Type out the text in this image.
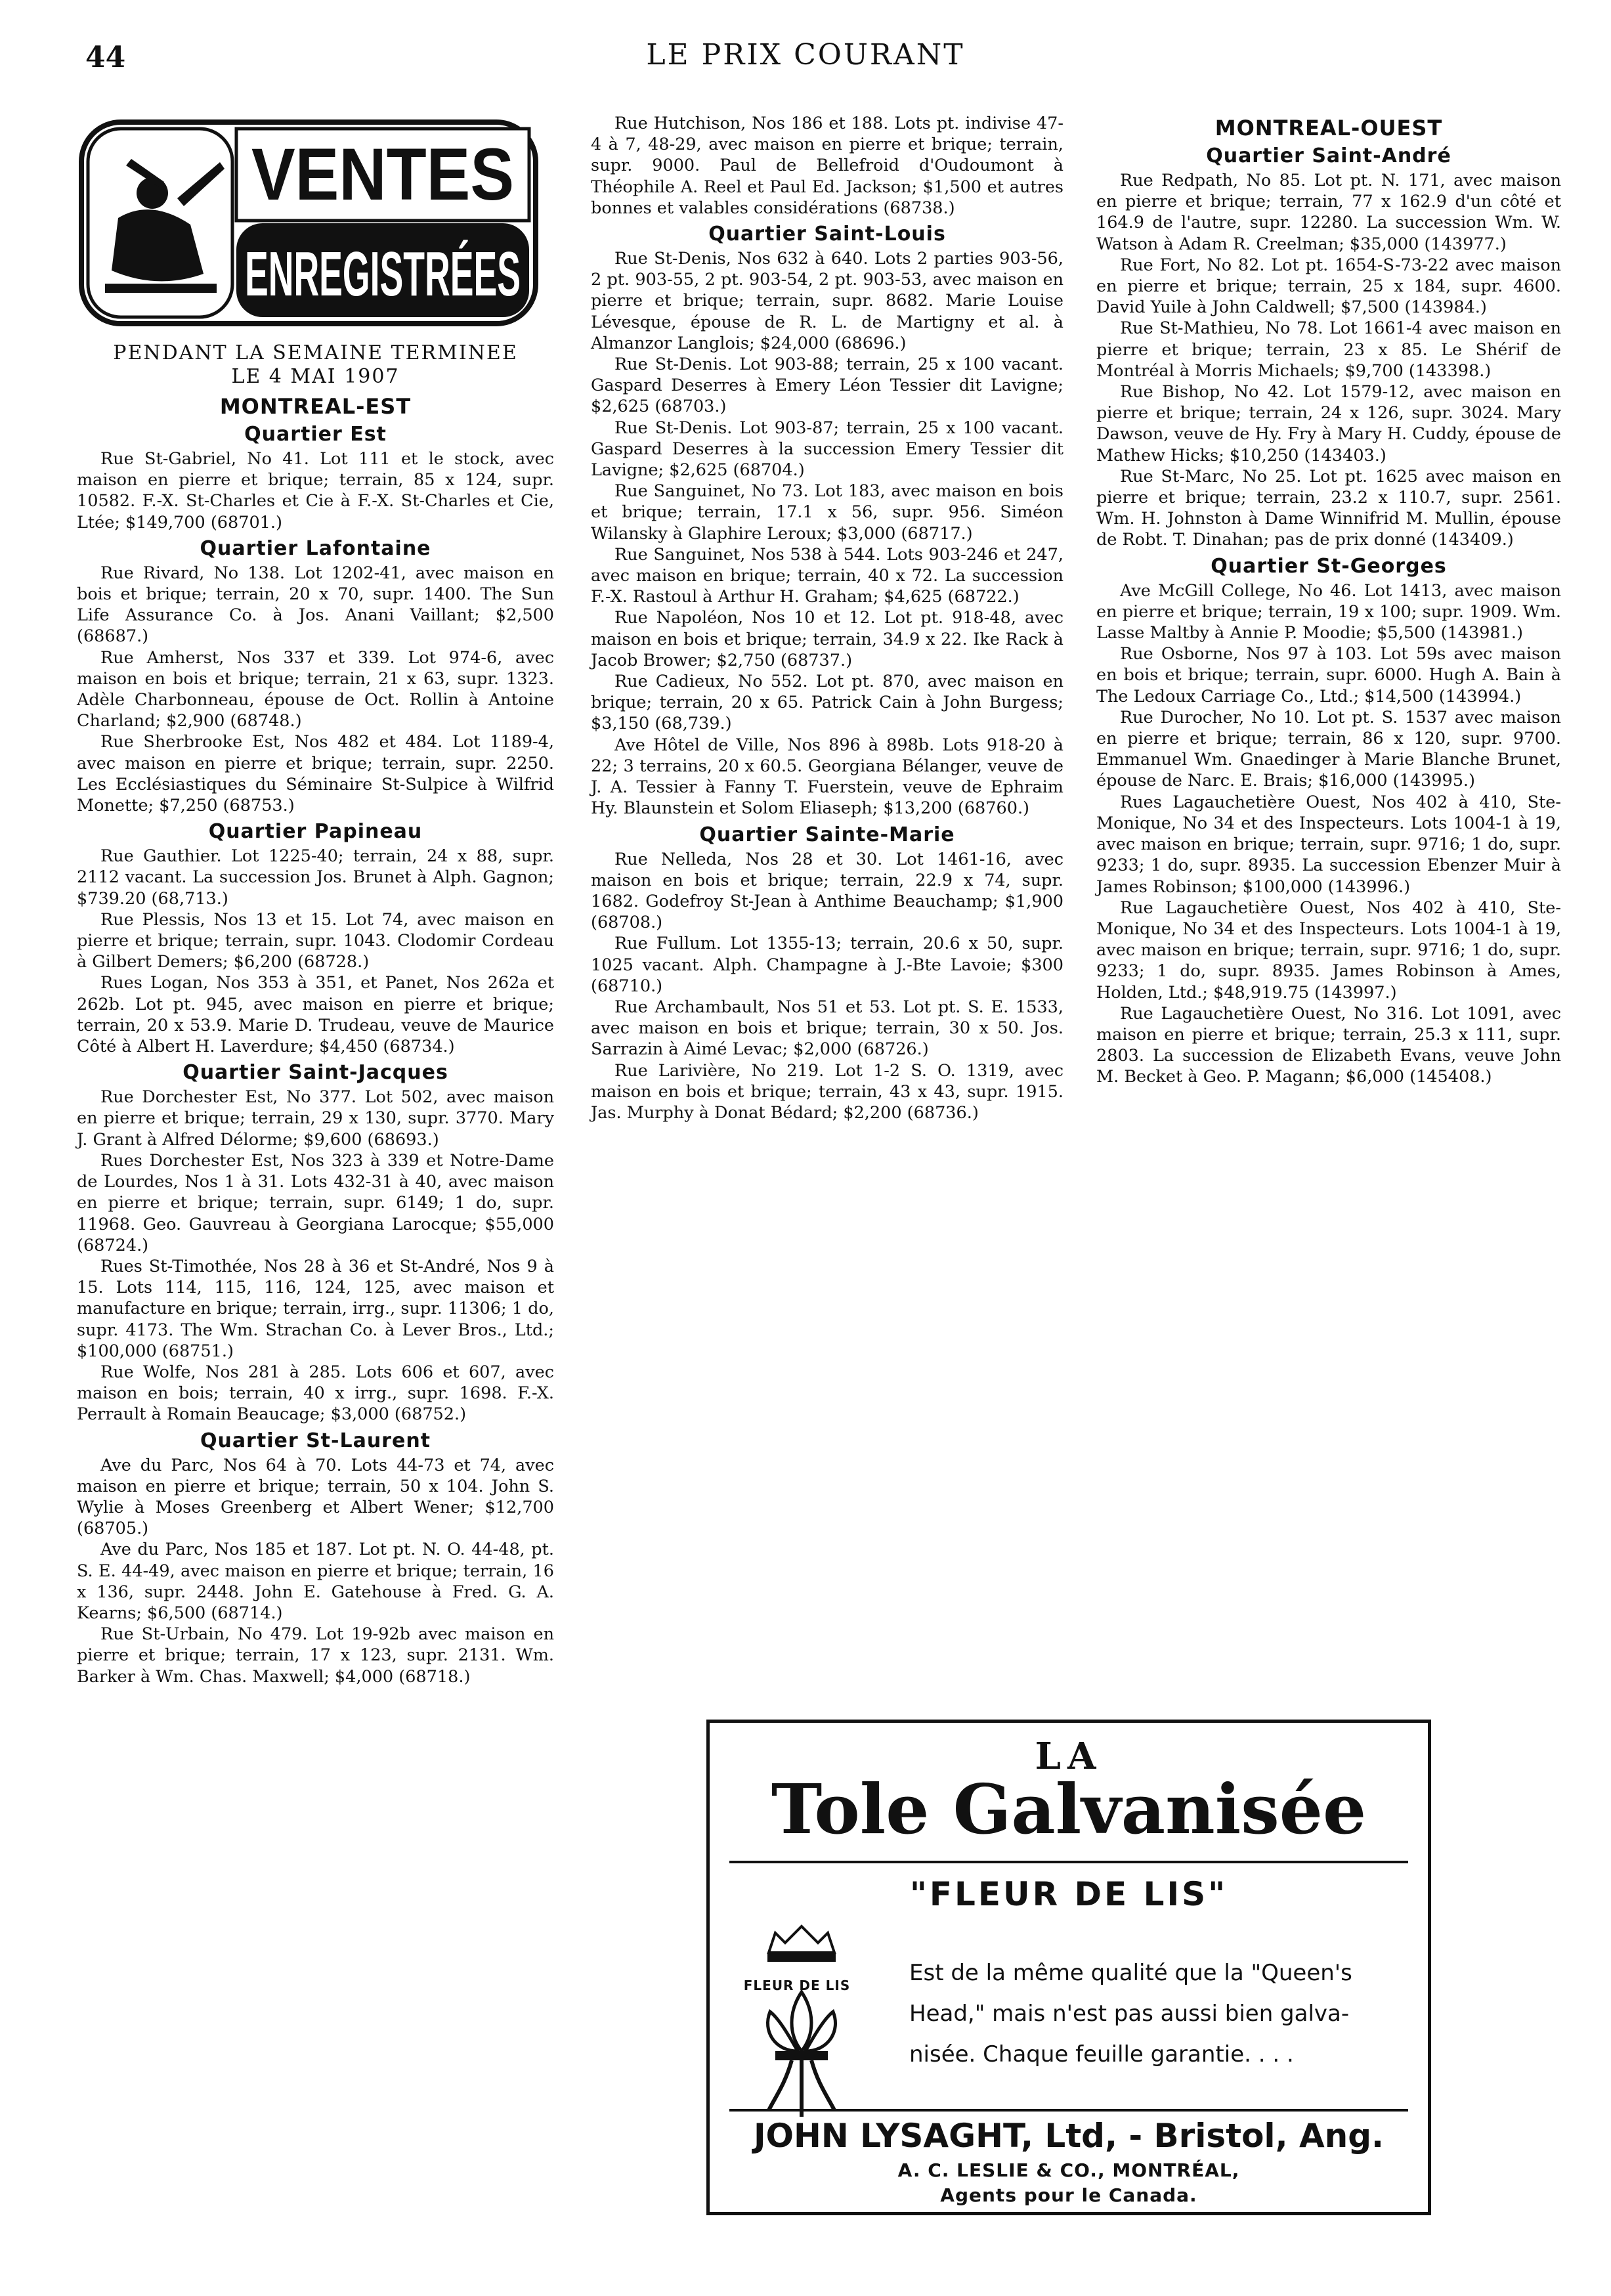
44	LE PRIX COURANT
VENTES
ENREGISTRÉES
PENDANT LA SEMAINE TERMINEE
LE 4 MAI 1907
MONTREAL-EST
Quartier Est

Rue St-Gabriel, No 41. Lot 111 et le stock, avec maison en pierre et brique; terrain, 85 x 124, supr. 10582. F.-X. St-Charles et Cie à F.-X. St-Charles et Cie, Ltée; $149,700 (68701.)

Quartier Lafontaine

Rue Rivard, No 138. Lot 1202-41, avec maison en bois et brique; terrain, 20 x 70, supr. 1400. The Sun Life Assurance Co. à Jos. Anani Vaillant; $2,500 (68687.)

Rue Amherst, Nos 337 et 339. Lot 974-6, avec maison en bois et brique; terrain, 21 x 63, supr. 1323. Adèle Charbonneau, épouse de Oct. Rollin à Antoine Charland; $2,900 (68748.)

Rue Sherbrooke Est, Nos 482 et 484. Lot 1189-4, avec maison en pierre et brique; terrain, supr. 2250. Les Ecclésiastiques du Séminaire St-Sulpice à Wilfrid Monette; $7,250 (68753.)

Quartier Papineau

Rue Gauthier. Lot 1225-40; terrain, 24 x 88, supr. 2112 vacant. La succession Jos. Brunet à Alph. Gagnon; $739.20 (68,713.)

Rue Plessis, Nos 13 et 15. Lot 74, avec maison en pierre et brique; terrain, supr. 1043. Clodomir Cordeau à Gilbert Demers; $6,200 (68728.)

Rues Logan, Nos 353 à 351, et Panet, Nos 262a et 262b. Lot pt. 945, avec maison en pierre et brique; terrain, 20 x 53.9. Marie D. Trudeau, veuve de Maurice Côté à Albert H. Laverdure; $4,450 (68734.)

Quartier Saint-Jacques

Rue Dorchester Est, No 377. Lot 502, avec maison en pierre et brique; terrain, 29 x 130, supr. 3770. Mary J. Grant à Alfred Délorme; $9,600 (68693.)

Rues Dorchester Est, Nos 323 à 339 et Notre-Dame de Lourdes, Nos 1 à 31. Lots 432-31 à 40, avec maison en pierre et brique; terrain, supr. 6149; 1 do, supr. 11968. Geo. Gauvreau à Georgiana Larocque; $55,000 (68724.)

Rues St-Timothée, Nos 28 à 36 et St-André, Nos 9 à 15. Lots 114, 115, 116, 124, 125, avec maison et manufacture en brique; terrain, irrg., supr. 11306; 1 do, supr. 4173. The Wm. Strachan Co. à Lever Bros., Ltd.; $100,000 (68751.)

Rue Wolfe, Nos 281 à 285. Lots 606 et 607, avec maison en bois; terrain, 40 x irrg., supr. 1698. F.-X. Perrault à Romain Beaucage; $3,000 (68752.)

Quartier St-Laurent

Ave du Parc, Nos 64 à 70. Lots 44-73 et 74, avec maison en pierre et brique; terrain, 50 x 104. John S. Wylie à Moses Greenberg et Albert Wener; $12,700 (68705.)

Ave du Parc, Nos 185 et 187. Lot pt. N. O. 44-48, pt. S. E. 44-49, avec maison en pierre et brique; terrain, 16 x 136, supr. 2448. John E. Gatehouse à Fred. G. A. Kearns; $6,500 (68714.)

Rue St-Urbain, No 479. Lot 19-92b avec maison en pierre et brique; terrain, 17 x 123, supr. 2131. Wm. Barker à Wm. Chas. Maxwell; $4,000 (68718.)

Rue Hutchison, Nos 186 et 188. Lots pt. indivise 47-4 à 7, 48-29, avec maison en pierre et brique; terrain, supr. 9000. Paul de Bellefroid d'Oudoumont à Théophile A. Reel et Paul Ed. Jackson; $1,500 et autres bonnes et valables considérations (68738.)

Quartier Saint-Louis

Rue St-Denis, Nos 632 à 640. Lots 2 parties 903-56, 2 pt. 903-55, 2 pt. 903-54, 2 pt. 903-53, avec maison en pierre et brique; terrain, supr. 8682. Marie Louise Lévesque, épouse de R. L. de Martigny et al. à Almanzor Langlois; $24,000 (68696.)

Rue St-Denis. Lot 903-88; terrain, 25 x 100 vacant. Gaspard Deserres à Emery Léon Tessier dit Lavigne; $2,625 (68703.)

Rue St-Denis. Lot 903-87; terrain, 25 x 100 vacant. Gaspard Deserres à la succession Emery Tessier dit Lavigne; $2,625 (68704.)

Rue Sanguinet, No 73. Lot 183, avec maison en bois et brique; terrain, 17.1 x 56, supr. 956. Siméon Wilansky à Glaphire Leroux; $3,000 (68717.)

Rue Sanguinet, Nos 538 à 544. Lots 903-246 et 247, avec maison en brique; terrain, 40 x 72. La succession F.-X. Rastoul à Arthur H. Graham; $4,625 (68722.)

Rue Napoléon, Nos 10 et 12. Lot pt. 918-48, avec maison en bois et brique; terrain, 34.9 x 22. Ike Rack à Jacob Brower; $2,750 (68737.)

Rue Cadieux, No 552. Lot pt. 870, avec maison en brique; terrain, 20 x 65. Patrick Cain à John Burgess; $3,150 (68,739.)

Ave Hôtel de Ville, Nos 896 à 898b. Lots 918-20 à 22; 3 terrains, 20 x 60.5. Georgiana Bélanger, veuve de J. A. Tessier à Fanny T. Fuerstein, veuve de Ephraim Hy. Blaunstein et Solom Eliaseph; $13,200 (68760.)

Quartier Sainte-Marie

Rue Nelleda, Nos 28 et 30. Lot 1461-16, avec maison en bois et brique; terrain, 22.9 x 74, supr. 1682. Godefroy St-Jean à Anthime Beauchamp; $1,900 (68708.)

Rue Fullum. Lot 1355-13; terrain, 20.6 x 50, supr. 1025 vacant. Alph. Champagne à J.-Bte Lavoie; $300 (68710.)

Rue Archambault, Nos 51 et 53. Lot pt. S. E. 1533, avec maison en bois et brique; terrain, 30 x 50. Jos. Sarrazin à Aimé Levac; $2,000 (68726.)

Rue Larivière, No 219. Lot 1-2 S. O. 1319, avec maison en bois et brique; terrain, 43 x 43, supr. 1915. Jas. Murphy à Donat Bédard; $2,200 (68736.)

MONTREAL-OUEST
Quartier Saint-André

Rue Redpath, No 85. Lot pt. N. 171, avec maison en pierre et brique; terrain, 77 x 162.9 d'un côté et 164.9 de l'autre, supr. 12280. La succession Wm. W. Watson à Adam R. Creelman; $35,000 (143977.)

Rue Fort, No 82. Lot pt. 1654-S-73-22 avec maison en pierre et brique; terrain, 25 x 184, supr. 4600. David Yuile à John Caldwell; $7,500 (143984.)

Rue St-Mathieu, No 78. Lot 1661-4 avec maison en pierre et brique; terrain, 23 x 85. Le Shérif de Montréal à Morris Michaels; $9,700 (143398.)

Rue Bishop, No 42. Lot 1579-12, avec maison en pierre et brique; terrain, 24 x 126, supr. 3024. Mary Dawson, veuve de Hy. Fry à Mary H. Cuddy, épouse de Mathew Hicks; $10,250 (143403.)

Rue St-Marc, No 25. Lot pt. 1625 avec maison en pierre et brique; terrain, 23.2 x 110.7, supr. 2561. Wm. H. Johnston à Dame Winnifrid M. Mullin, épouse de Robt. T. Dinahan; pas de prix donné (143409.)

Quartier St-Georges

Ave McGill College, No 46. Lot 1413, avec maison en pierre et brique; terrain, 19 x 100; supr. 1909. Wm. Lasse Maltby à Annie P. Moodie; $5,500 (143981.)

Rue Osborne, Nos 97 à 103. Lot 59s avec maison en bois et brique; terrain, supr. 6000. Hugh A. Bain à The Ledoux Carriage Co., Ltd.; $14,500 (143994.)

Rue Durocher, No 10. Lot pt. S. 1537 avec maison en pierre et brique; terrain, 86 x 120, supr. 9700. Emmanuel Wm. Gnaedinger à Marie Blanche Brunet, épouse de Narc. E. Brais; $16,000 (143995.)

Rues Lagauchetière Ouest, Nos 402 à 410, Ste-Monique, No 34 et des Inspecteurs. Lots 1004-1 à 19, avec maison en brique; terrain, supr. 9716; 1 do, supr. 9233; 1 do, supr. 8935. La succession Ebenzer Muir à James Robinson; $100,000 (143996.)

Rue Lagauchetière Ouest, Nos 402 à 410, Ste-Monique, No 34 et des Inspecteurs. Lots 1004-1 à 19, avec maison en brique; terrain, supr. 9716; 1 do, supr. 9233; 1 do, supr. 8935. James Robinson à Ames, Holden, Ltd.; $48,919.75 (143997.)

Rue Lagauchetière Ouest, No 316. Lot 1091, avec maison en pierre et brique; terrain, 25.3 x 111, supr. 2803. La succession de Elizabeth Evans, veuve John M. Becket à Geo. P. Magann; $6,000 (145408.)

LA
Tole Galvanisée
"FLEUR DE LIS"
FLEUR DE LIS	Est de la même qualité que la "Queen's
Head," mais n'est pas aussi bien galva-
nisée. Chaque feuille garantie. . . .
JOHN LYSAGHT, Ltd, - Bristol, Ang.
A. C. LESLIE & CO., MONTRÉAL,
Agents pour le Canada.
